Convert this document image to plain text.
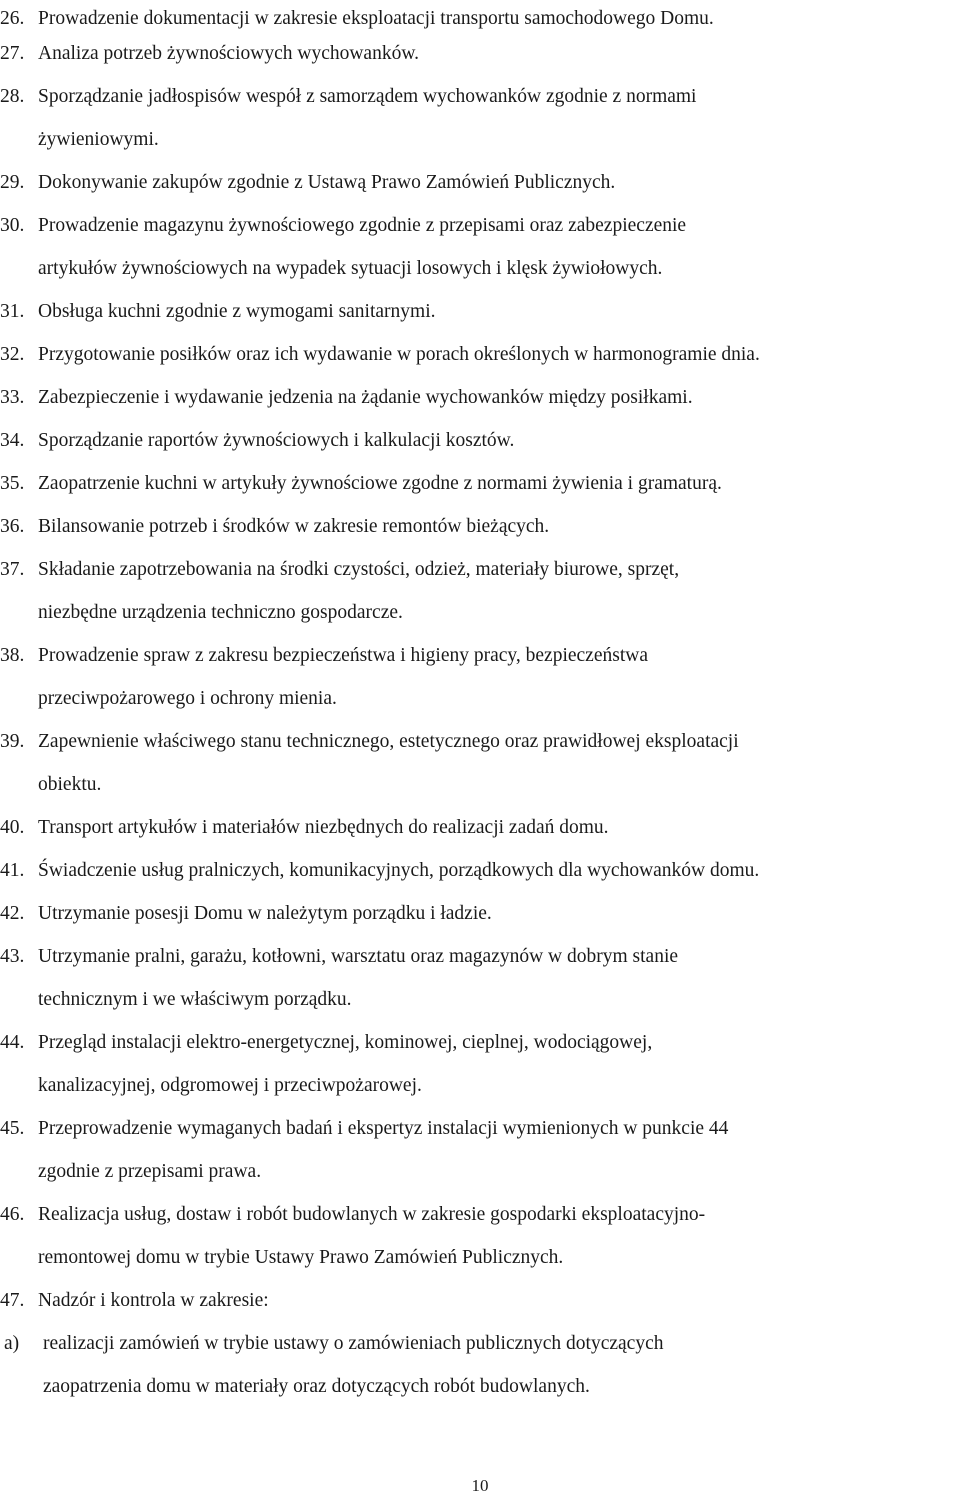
26. Prowadzenie dokumentacji w zakresie eksploatacji transportu samochodowego Domu.
27. Analiza potrzeb żywnościowych wychowanków.
28. Sporządzanie jadłospisów wespół z samorządem wychowanków zgodnie z normami
żywieniowymi.
29. Dokonywanie zakupów zgodnie z Ustawą Prawo Zamówień Publicznych.
30. Prowadzenie magazynu żywnościowego zgodnie z przepisami oraz zabezpieczenie
artykułów żywnościowych na wypadek sytuacji losowych i klęsk żywiołowych.
31. Obsługa kuchni zgodnie z wymogami sanitarnymi.
32. Przygotowanie posiłków oraz ich wydawanie w porach określonych w harmonogramie dnia.
33. Zabezpieczenie i wydawanie jedzenia na żądanie wychowanków między posiłkami.
34. Sporządzanie raportów żywnościowych i kalkulacji kosztów.
35. Zaopatrzenie kuchni w artykuły żywnościowe zgodne z normami żywienia i gramaturą.
36. Bilansowanie potrzeb i środków w zakresie remontów bieżących.
37. Składanie zapotrzebowania na środki czystości, odzież, materiały biurowe, sprzęt,
niezbędne urządzenia techniczno gospodarcze.
38. Prowadzenie spraw z zakresu bezpieczeństwa i higieny pracy, bezpieczeństwa
przeciwpożarowego i ochrony mienia.
39. Zapewnienie właściwego stanu technicznego, estetycznego oraz prawidłowej eksploatacji
obiektu.
40. Transport artykułów i materiałów niezbędnych do realizacji zadań domu.
41. Świadczenie usług pralniczych, komunikacyjnych, porządkowych dla wychowanków domu.
42. Utrzymanie posesji Domu w należytym porządku i ładzie.
43. Utrzymanie pralni, garażu, kotłowni, warsztatu oraz magazynów w dobrym stanie
technicznym i we właściwym porządku.
44. Przegląd instalacji elektro-energetycznej, kominowej, cieplnej, wodociągowej,
kanalizacyjnej, odgromowej i przeciwpożarowej.
45. Przeprowadzenie wymaganych badań i ekspertyz instalacji wymienionych w punkcie 44
zgodnie z przepisami prawa.
46. Realizacja usług, dostaw i robót budowlanych w zakresie gospodarki eksploatacyjno-
remontowej domu w trybie Ustawy Prawo Zamówień Publicznych.
47. Nadzór i kontrola w zakresie:
a) realizacji zamówień w trybie ustawy o zamówieniach publicznych dotyczących
zaopatrzenia domu w materiały oraz dotyczących robót budowlanych.
10
